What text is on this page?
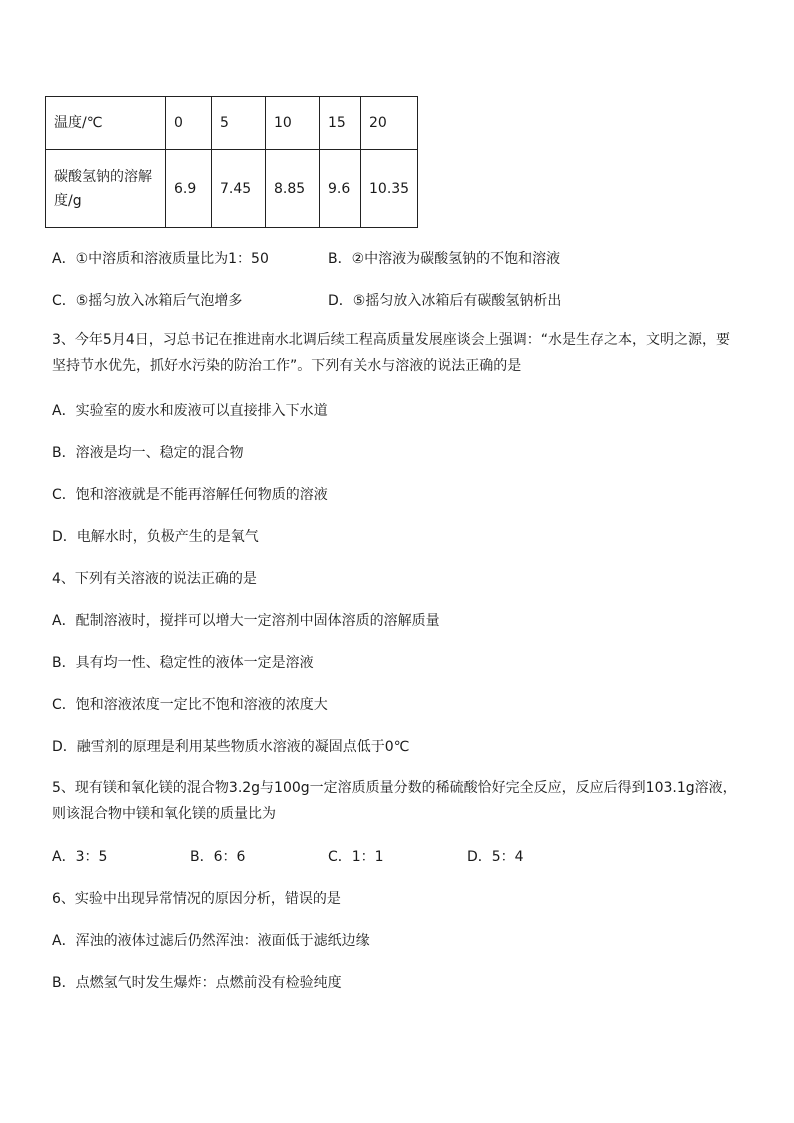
温度/℃	0	5	10	15	20
碳酸氢钠的溶解度/g	6.9	7.45	8.85	9.6	10.35
A．①中溶质和溶液质量比为1：50	B．②中溶液为碳酸氢钠的不饱和溶液
C．⑤摇匀放入冰箱后气泡增多	D．⑤摇匀放入冰箱后有碳酸氢钠析出
3、今年5月4日，习总书记在推进南水北调后续工程高质量发展座谈会上强调：“水是生存之本，文明之源，要坚持节水优先，抓好水污染的防治工作”。下列有关水与溶液的说法正确的是
A．实验室的废水和废液可以直接排入下水道
B．溶液是均一、稳定的混合物
C．饱和溶液就是不能再溶解任何物质的溶液
D．电解水时，负极产生的是氧气
4、下列有关溶液的说法正确的是
A．配制溶液时，搅拌可以增大一定溶剂中固体溶质的溶解质量
B．具有均一性、稳定性的液体一定是溶液
C．饱和溶液浓度一定比不饱和溶液的浓度大
D．融雪剂的原理是利用某些物质水溶液的凝固点低于0℃
5、现有镁和氧化镁的混合物3.2g与100g一定溶质质量分数的稀硫酸恰好完全反应，反应后得到103.1g溶液，则该混合物中镁和氧化镁的质量比为
A．3：5	B．6：6	C．1：1	D．5：4
6、实验中出现异常情况的原因分析，错误的是
A．浑浊的液体过滤后仍然浑浊：液面低于滤纸边缘
B．点燃氢气时发生爆炸：点燃前没有检验纯度
